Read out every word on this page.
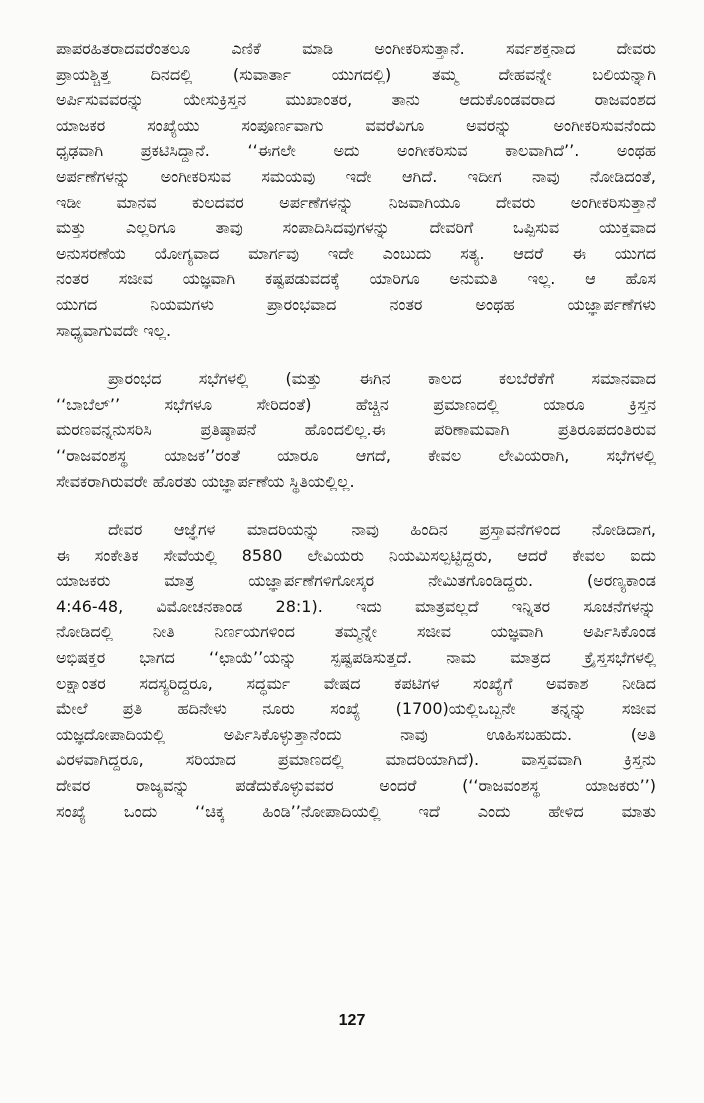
ಪಾಪರಹಿತರಾದವರೆಂತಲೂ ಎಣಿಕೆ ಮಾಡಿ ಅಂಗೀಕರಿಸುತ್ತಾನೆ. ಸರ್ವಶಕ್ತನಾದ ದೇವರು
ಪ್ರಾಯಶ್ಚಿತ್ತ ದಿನದಲ್ಲಿ (ಸುವಾರ್ತಾ ಯುಗದಲ್ಲಿ) ತಮ್ಮ ದೇಹವನ್ನೇ ಬಲಿಯನ್ನಾಗಿ
ಅರ್ಪಿಸುವವರನ್ನು ಯೇಸುಕ್ರಿಸ್ತನ ಮುಖಾಂತರ, ತಾನು ಆದುಕೊಂಡವರಾದ ರಾಜವಂಶದ
ಯಾಜಕರ ಸಂಖ್ಯೆಯು ಸಂಪೂರ್ಣವಾಗು ವವರೆವಿಗೂ ಅವರನ್ನು ಅಂಗೀಕರಿಸುವನೆಂದು
ಧೃಢವಾಗಿ ಪ್ರಕಟಿಸಿದ್ದಾನೆ. ‘‘ಈಗಲೇ ಅದು ಅಂಗೀಕರಿಸುವ ಕಾಲವಾಗಿದೆ’’. ಅಂಥಹ
ಅರ್ಪಣೆಗಳನ್ನು ಅಂಗೀಕರಿಸುವ ಸಮಯವು ಇದೇ ಆಗಿದೆ. ಇದೀಗ ನಾವು ನೋಡಿದಂತೆ,
ಇಡೀ ಮಾನವ ಕುಲದವರ ಅರ್ಪಣೆಗಳನ್ನು ನಿಜವಾಗಿಯೂ ದೇವರು ಅಂಗೀಕರಿಸುತ್ತಾನೆ
ಮತ್ತು ಎಲ್ಲರಿಗೂ ತಾವು ಸಂಪಾದಿಸಿದವುಗಳನ್ನು ದೇವರಿಗೆ ಒಪ್ಪಿಸುವ ಯುಕ್ತವಾದ
ಅನುಸರಣೆಯ ಯೋಗ್ಯವಾದ ಮಾರ್ಗವು ಇದೇ ಎಂಬುದು ಸತ್ಯ. ಆದರೆ ಈ ಯುಗದ
ನಂತರ ಸಜೀವ ಯಜ್ಞವಾಗಿ ಕಷ್ಟಪಡುವದಕ್ಕೆ ಯಾರಿಗೂ ಅನುಮತಿ ಇಲ್ಲ. ಆ ಹೊಸ
ಯುಗದ ನಿಯಮಗಳು ಪ್ರಾರಂಭವಾದ ನಂತರ ಅಂಥಹ ಯಜ್ಞಾರ್ಪಣೆಗಳು
ಸಾಧ್ಯವಾಗುವದೇ ಇಲ್ಲ.
ಪ್ರಾರಂಭದ ಸಭೆಗಳಲ್ಲಿ (ಮತ್ತು ಈಗಿನ ಕಾಲದ ಕಲಬೆರೆಕೆಗೆ ಸಮಾನವಾದ
‘‘ಬಾಬೆಲ್’’ ಸಭೆಗಳೂ ಸೇರಿದಂತೆ) ಹೆಚ್ಚಿನ ಪ್ರಮಾಣದಲ್ಲಿ ಯಾರೂ ಕ್ರಿಸ್ತನ
ಮರಣವನ್ನನುಸರಿಸಿ ಪ್ರತಿಷ್ಠಾಪನೆ ಹೊಂದಲಿಲ್ಲ.ಈ ಪರಿಣಾಮವಾಗಿ ಪ್ರತಿರೂಪದಂತಿರುವ
‘‘ರಾಜವಂಶಸ್ಥ ಯಾಜಕ’’ರಂತೆ ಯಾರೂ ಆಗದೆ, ಕೇವಲ ಲೇವಿಯರಾಗಿ, ಸಭೆಗಳಲ್ಲಿ
ಸೇವಕರಾಗಿರುವರೇ ಹೊರತು ಯಜ್ಞಾರ್ಪಣೆಯ ಸ್ಥಿತಿಯಲ್ಲಿಲ್ಲ.
ದೇವರ ಆಜ್ಞೆಗಳ ಮಾದರಿಯನ್ನು ನಾವು ಹಿಂದಿನ ಪ್ರಸ್ತಾವನೆಗಳಿಂದ ನೋಡಿದಾಗ,
ಈ ಸಂಕೇತಿಕ ಸೇವೆಯಲ್ಲಿ 8580 ಲೇವಿಯರು ನಿಯಮಿಸಲ್ಪಟ್ಟಿದ್ದರು, ಆದರೆ ಕೇವಲ ಐದು
ಯಾಜಕರು ಮಾತ್ರ ಯಜ್ಞಾರ್ಪಣೆಗಳಿಗೋಸ್ಕರ ನೇಮಿತಗೊಂಡಿದ್ದರು. (ಅರಣ್ಯಕಾಂಡ
4:46-48, ವಿಮೋಚನಕಾಂಡ 28:1). ಇದು ಮಾತ್ರವಲ್ಲದೆ ಇನ್ನಿತರ ಸೂಚನೆಗಳನ್ನು
ನೋಡಿದಲ್ಲಿ ನೀತಿ ನಿರ್ಣಯಗಳಿಂದ ತಮ್ಮನ್ನೇ ಸಜೀವ ಯಜ್ಞವಾಗಿ ಅರ್ಪಿಸಿಕೊಂಡ
ಅಭಿಷಕ್ತರ ಭಾಗದ ‘‘ಛಾಯೆ’’ಯನ್ನು ಸ್ಪಷ್ಟಪಡಿಸುತ್ತದೆ. ನಾಮ ಮಾತ್ರದ ಕ್ರೈಸ್ತಸಭೆಗಳಲ್ಲಿ
ಲಕ್ಷಾಂತರ ಸದಸ್ಯರಿದ್ದರೂ, ಸದ್ಧರ್ಮ ವೇಷದ ಕಪಟಿಗಳ ಸಂಖ್ಯೆಗೆ ಅವಕಾಶ ನೀಡಿದ
ಮೇಲೆ ಪ್ರತಿ ಹದಿನೇಳು ನೂರು ಸಂಖ್ಯೆ (1700)ಯಲ್ಲಿಒಬ್ಬನೇ ತನ್ನನ್ನು ಸಜೀವ
ಯಜ್ಞದೋಪಾದಿಯಲ್ಲಿ ಅರ್ಪಿಸಿಕೊಳ್ಳುತ್ತಾನೆಂದು ನಾವು ಊಹಿಸಬಹುದು. (ಅತಿ
ವಿರಳವಾಗಿದ್ದರೂ, ಸರಿಯಾದ ಪ್ರಮಾಣದಲ್ಲಿ ಮಾದರಿಯಾಗಿದೆ). ವಾಸ್ತವವಾಗಿ ಕ್ರಿಸ್ತನು
ದೇವರ ರಾಜ್ಯವನ್ನು ಪಡೆದುಕೊಳ್ಳುವವರ ಅಂದರೆ (‘‘ರಾಜವಂಶಸ್ಥ ಯಾಜಕರು’’)
ಸಂಖ್ಯೆ ಒಂದು ‘‘ಚಿಕ್ಕ ಹಿಂಡಿ’’ನೋಪಾದಿಯಲ್ಲಿ ಇದೆ ಎಂದು ಹೇಳಿದ ಮಾತು
127
